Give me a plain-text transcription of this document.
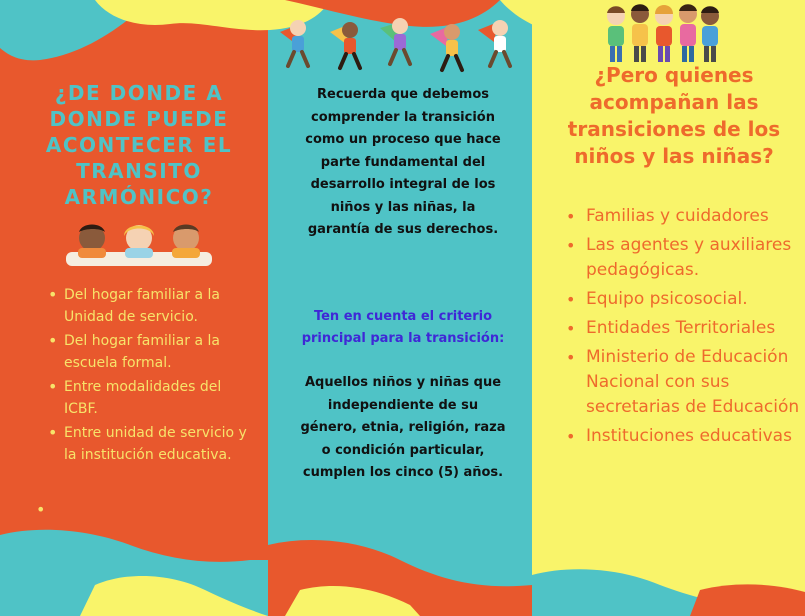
¿DE DONDE A DONDE PUEDE ACONTECER EL TRANSITO ARMÓNICO?
• Del hogar familiar a la Unidad de servicio.
• Del hogar familiar a la escuela formal.
• Entre modalidades del ICBF.
• Entre unidad de servicio y la institución educativa.
•

Recuerda que debemos comprender la transición como un proceso que hace parte fundamental del desarrollo integral de los niños y las niñas, la garantía de sus derechos.

Ten en cuenta el criterio principal para la transición:

Aquellos niños y niñas que independiente de su género, etnia, religión, raza o condición particular, cumplen los cinco (5) años.

¿Pero quienes acompañan las transiciones de los niños y las niñas?
• Familias y cuidadores
• Las agentes y auxiliares pedagógicas.
• Equipo psicosocial.
• Entidades Territoriales
• Ministerio de Educación Nacional con sus secretarias de Educación
• Instituciones educativas
